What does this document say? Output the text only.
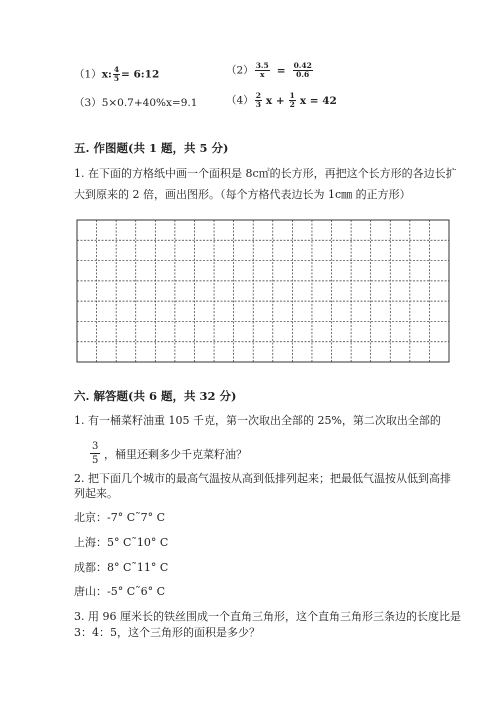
（1）x: $\frac{4}{5}$ = 6:12	$(2) \frac{3.5}{x} = \frac{0.42}{0.6}$
（3）5×0.7+40%x=9.1	$(4) \frac{2}{3}$ $x + \frac{1}{2}$ x = 42
五. 作图题(共 1 题，共 5 分)
1. 在下面的方格纸中画一个面积是 8c㎡的长方形，再把这个长方形的各边长扩
大到原来的 2 倍，画出图形。（每个方格代表边长为 1c㎜ 的正方形）
六. 解答题(共 6 题，共 32 分)
1. 有一桶菜籽油重 105 千克，第一次取出全部的 25%，第二次取出全部的
$\frac{3}{5}$ ，桶里还剩多少千克菜籽油？
2. 把下面几个城市的最高气温按从高到低排列起来；把最低气温按从低到高排
列起来。
北京：-7° C˜7° C
上海：5° C˜10° C
成都：8° C˜11° C
唐山：-5° C˜6° C
3. 用 96 厘米长的铁丝围成一个直角三角形，这个直角三角形三条边的长度比是
3：4：5，这个三角形的面积是多少？
